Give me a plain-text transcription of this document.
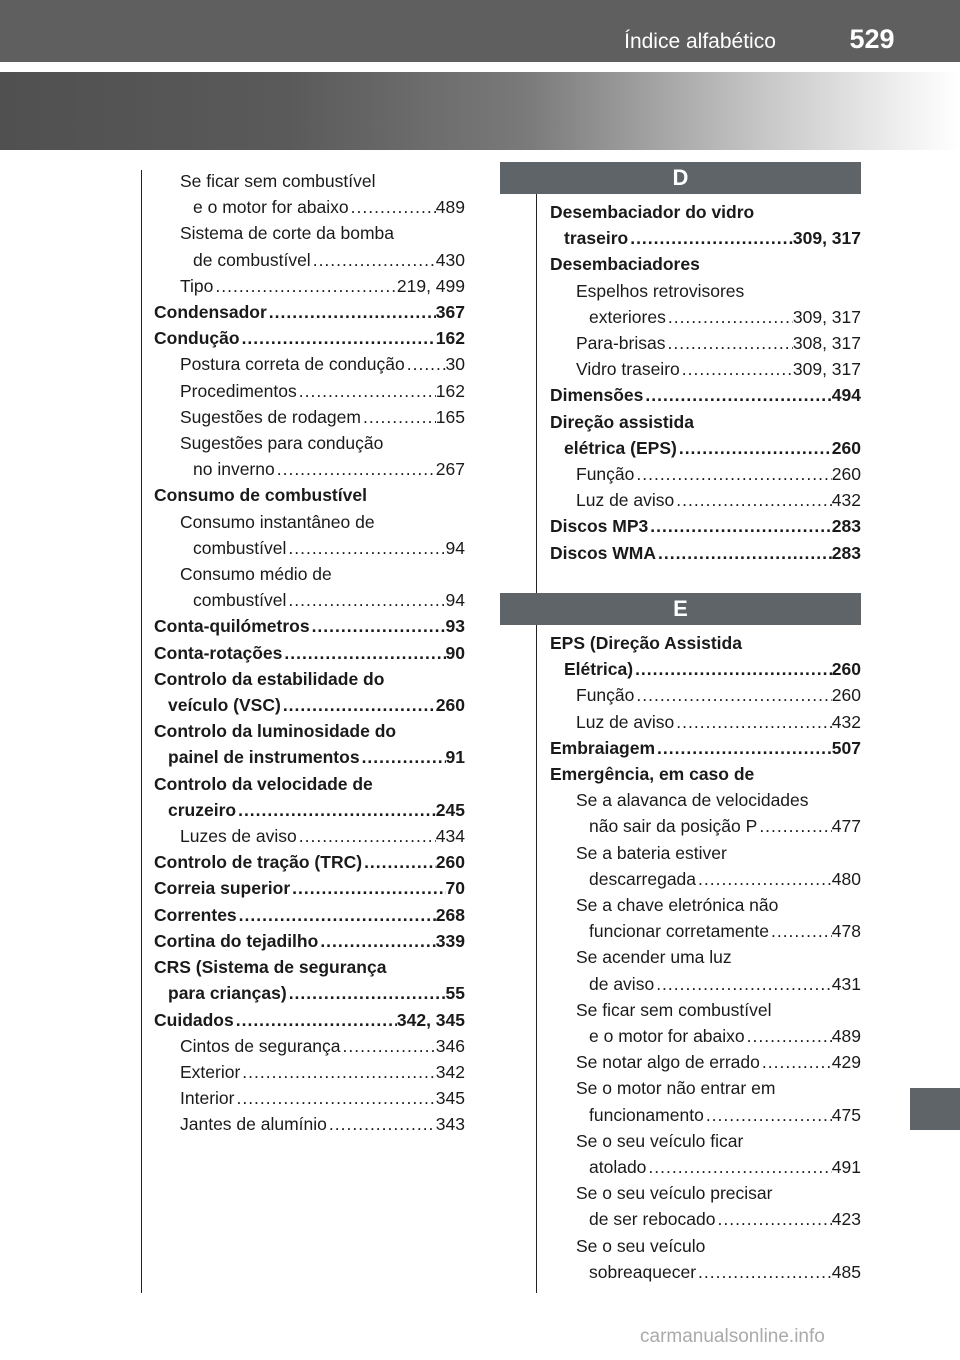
Índice alfabético	529
Se ficar sem combustível
e o motor for abaixo .....	489
Sistema de corte da bomba
de combustível .....	430
Tipo .....	219, 499
Condensador .....	367
Condução .....	162
Postura correta de condução ..... 30
Procedimentos .....	162
Sugestões de rodagem .....	165
Sugestões para condução
no inverno .....	267
Consumo de combustível
Consumo instantâneo de
combustível .....	94
Consumo médio de
combustível .....	94
Conta-quilómetros .....	93
Conta-rotações .....	90
Controlo da estabilidade do
veículo (VSC) .....	260
Controlo da luminosidade do
painel de instrumentos .....	91
Controlo da velocidade de
cruzeiro .....	245
Luzes de aviso .....	434
Controlo de tração (TRC) .....	260
Correia superior .....	70
Correntes .....	268
Cortina do tejadilho .....	339
CRS (Sistema de segurança
para crianças) .....	55
Cuidados .....	342, 345
Cintos de segurança .....	346
Exterior .....	342
Interior .....	345
Jantes de alumínio .....	343
D
Desembaciador do vidro
traseiro .....	309, 317
Desembaciadores
Espelhos retrovisores
exteriores .....	309, 317
Para-brisas .....	308, 317
Vidro traseiro .....	309, 317
Dimensões .....	494
Direção assistida
elétrica (EPS) .....	260
Função .....	260
Luz de aviso .....	432
Discos MP3 .....	283
Discos WMA .....	283
E
EPS (Direção Assistida
Elétrica) .....	260
Função .....	260
Luz de aviso .....	432
Embraiagem .....	507
Emergência, em caso de
Se a alavanca de velocidades
não sair da posição P .....	477
Se a bateria estiver
descarregada .....	480
Se a chave eletrónica não
funcionar corretamente .....	478
Se acender uma luz
de aviso .....	431
Se ficar sem combustível
e o motor for abaixo .....	489
Se notar algo de errado .....	429
Se o motor não entrar em
funcionamento .....	475
Se o seu veículo ficar
atolado .....	491
Se o seu veículo precisar
de ser rebocado .....	423
Se o seu veículo
sobreaquecer .....	485
carmanualsonline.info
